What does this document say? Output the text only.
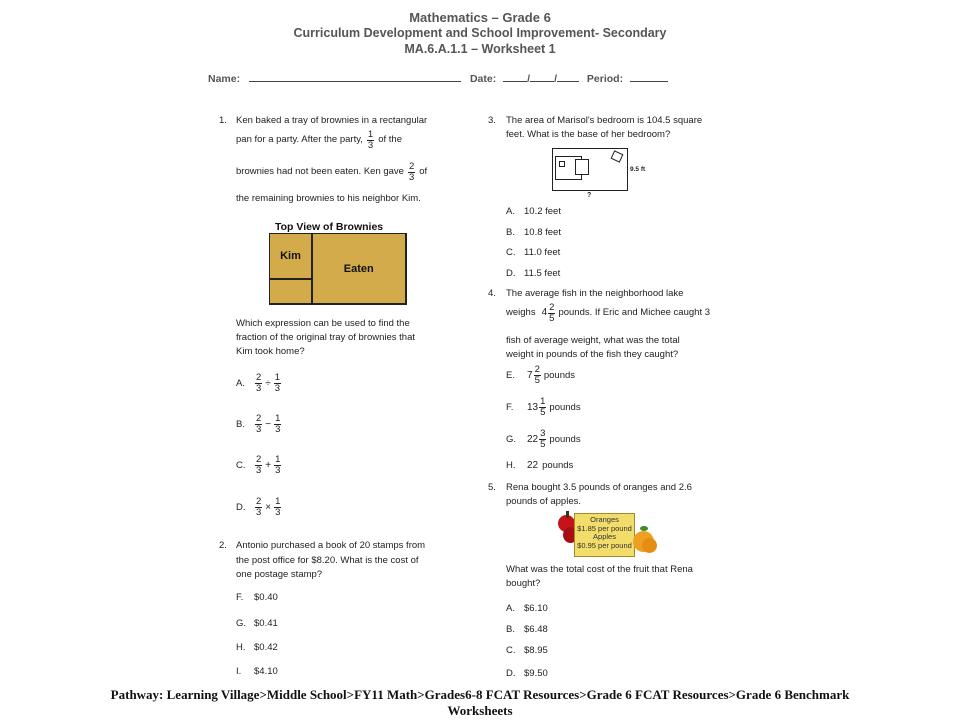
Mathematics – Grade 6
Curriculum Development and School Improvement- Secondary
MA.6.A.1.1 – Worksheet 1
Name:	Date:	/ /	Period:
1. Ken baked a tray of brownies in a rectangular
pan for a party. After the party, $\frac{1}{3}$ of the
brownies had not been eaten. Ken gave $\frac{2}{3}$ of
the remaining brownies to his neighbor Kim.
Top View of Brownies
Kim
Eaten
Which expression can be used to find the
fraction of the original tray of brownies that
Kim took home?
A.	$\frac{2}{3} \div \frac{1}{3}$
B.	$\frac{2}{3} - \frac{1}{3}$
C.	$\frac{2}{3} + \frac{1}{3}$
D.	$\frac{2}{3} \times \frac{1}{3}$
2. Antonio purchased a book of 20 stamps from
the post office for $8.20. What is the cost of
one postage stamp?
F.	$0.40
G. $0.41
H. $0.42
I.	$4.10
3. The area of Marisol's bedroom is 104.5 square
feet. What is the base of her bedroom?
9.5 ft
?
A. 10.2 feet
B. 10.8 feet
C. 11.0 feet
D. 11.5 feet
4. The average fish in the neighborhood lake
weighs $4 \frac{2}{5}$ pounds. If Eric and Michee caught 3
fish of average weight, what was the total
weight in pounds of the fish they caught?
E.	$7 \frac{2}{5}$ pounds
F.	$13 \frac{1}{5}$ pounds
G.	$22 \frac{3}{5}$ pounds
H.	22 pounds
5. Rena bought 3.5 pounds of oranges and 2.6
pounds of apples.
Oranges
$1.85 per pound
Apples
$0.95 per pound
What was the total cost of the fruit that Rena
bought?
A. $6.10
B. $6.48
C. $8.95
D. $9.50
Pathway: Learning Village>Middle School>FY11 Math>Grades6-8 FCAT Resources>Grade 6 FCAT Resources>Grade 6 Benchmark
Worksheets
